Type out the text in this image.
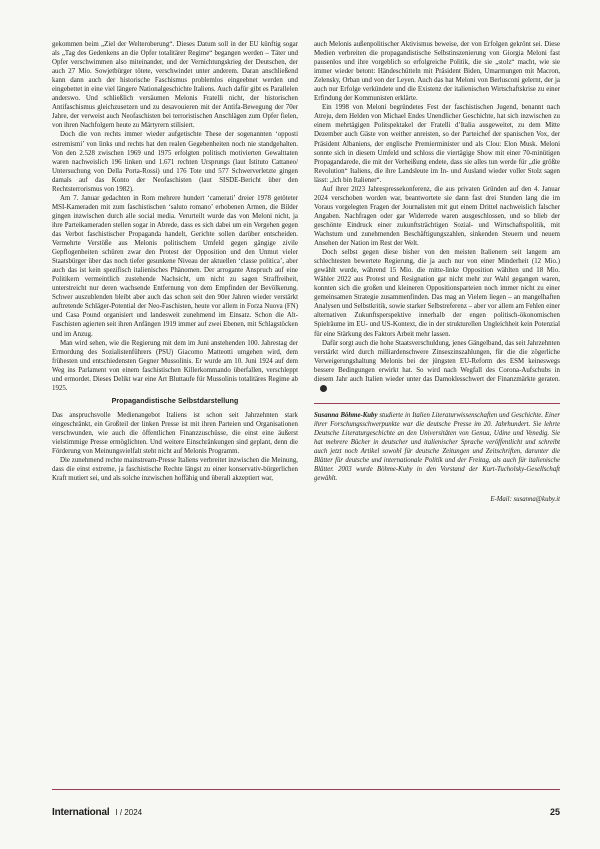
gekommen beim „Ziel der Welteroberung“. Dieses Datum soll in der EU künftig sogar als „Tag des Gedenkens an die Opfer totalitärer Regime“ begangen werden – Täter und Opfer verschwimmen also miteinander, und der Vernichtungskrieg der Deutschen, der auch 27 Mio. Sowjetbürger tötete, verschwindet unter anderem. Daran anschließend kann dann auch der historische Faschismus problemlos eingeebnet werden und eingebettet in eine viel längere Nationalgeschichte Italiens. Auch dafür gibt es Parallelen anderswo. Und schließlich versäumen Melonis Fratelli nicht, der historischen Antifaschismus gleichzusetzen und zu desavouieren mit der Antifa-Bewegung der 70er Jahre, der verweist auch Neofaschisten bei terroristischen Anschlägen zum Opfer fielen, von ihren Nachfolgern heute zu Märtyrern stilisiert.

Doch die von rechts immer wieder aufgetischte These der sogenannten ‘opposti estremismi’ von links und rechts hat den realen Gegebenheiten noch nie standgehalten. Von den 2.528 zwischen 1969 und 1975 erfolgten politisch motivierten Gewalttaten waren nachweislich 196 linken und 1.671 rechten Ursprungs (laut Istituto Cattaneo/ Untersuchung von Della Porta-Rossi) und 176 Tote und 577 Schwerverletzte gingen damals auf das Konto der Neofaschisten (laut SISDE-Bericht über den Rechtsterrorismus von 1982).

Am 7. Januar gedachten in Rom mehrere hundert ‘camerati’ dreier 1978 getöteter MSI-Kameraden mit zum faschistischen ‘saluto romano’ erhobenen Armen, die Bilder gingen inzwischen durch alle social media. Verurteilt wurde das von Meloni nicht, ja ihre Parteikameraden stellen sogar in Abrede, dass es sich dabei um ein Vergehen gegen das Verbot faschistischer Propaganda handelt, Gerichte sollen darüber entscheiden. Vermehrte Verstöße aus Melonis politischem Umfeld gegen gängige zivile Gepflogenheiten schüren zwar den Protest der Opposition und den Unmut vieler Staatsbürger über das noch tiefer gesunkene Niveau der aktuellen ‘classe politica’, aber auch das ist kein spezifisch italienisches Phänomen. Der arrogante Anspruch auf eine Politikern vermeintlich zustehende Nachsicht, um nicht zu sagen Straffreiheit, unterstreicht nur deren wachsende Entfernung von dem Empfinden der Bevölkerung. Schwer auszublenden bleibt aber auch das schon seit den 90er Jahren wieder verstärkt auftretende Schläger-Potential der Neo-Faschisten, heute vor allem in Forza Nuova (FN) und Casa Pound organisiert und landesweit zunehmend im Einsatz. Schon die Alt-Faschisten agierten seit ihren Anfängen 1919 immer auf zwei Ebenen, mit Schlagstöcken und im Anzug.

Man wird sehen, wie die Regierung mit dem im Juni anstehenden 100. Jahrestag der Ermordung des Sozialistenführers (PSU) Giacomo Matteotti umgehen wird, dem frühesten und entschiedensten Gegner Mussolinis. Er wurde am 10. Juni 1924 auf dem Weg ins Parlament von einem faschistischen Killerkommando überfallen, verschleppt und ermordet. Dieses Delikt war eine Art Bluttaufe für Mussolinis totalitäres Regime ab 1925.

Propagandistische Selbstdarstellung

Das anspruchsvolle Medienangebot Italiens ist schon seit Jahrzehnten stark eingeschränkt, ein Großteil der linken Presse ist mit ihren Parteien und Organisationen verschwunden, wie auch die öffentlichen Finanzzuschüsse, die einst eine äußerst vielstimmige Presse ermöglichten. Und weitere Einschränkungen sind geplant, denn die Förderung von Meinungsvielfalt steht nicht auf Melonis Programm.

Die zunehmend rechte mainstream-Presse Italiens verbreitet inzwischen die Meinung, dass die einst extreme, ja faschistische Rechte längst zu einer konservativ-bürgerlichen Kraft mutiert sei, und als solche inzwischen hoffähig und überall akzeptiert war,

auch Melonis außenpolitischer Aktivismus beweise, der von Erfolgen gekrönt sei. Diese Medien verbreiten die propagandistische Selbstinszenierung von Giorgia Meloni fast pausenlos und ihre vorgeblich so erfolgreiche Politik, die sie „stolz“ macht, wie sie immer wieder betont: Händeschütteln mit Präsident Biden, Umarmungen mit Macron, Zelensky, Orban und von der Leyen. Auch das hat Meloni von Berlusconi gelernt, der ja auch nur Erfolge verkündete und die Existenz der italienischen Wirtschaftskrise zu einer Erfindung der Kommunisten erklärte.

Ein 1998 von Meloni begründetes Fest der faschistischen Jugend, benannt nach Atreju, dem Helden von Michael Endes Unendlicher Geschichte, hat sich inzwischen zu einem mehrtägigen Politspektakel der Fratelli d’Italia ausgeweitet, zu dem Mitte Dezember auch Gäste von weither anreisten, so der Parteichef der spanischen Vox, der Präsident Albaniens, der englische Premierminister und als Clou: Elon Musk. Meloni sonnte sich in diesem Umfeld und schloss die viertägige Show mit einer 70-minütigen Propagandarede, die mit der Verheißung endete, dass sie alles tun werde für „die größte Revolution“ Italiens, die ihre Landsleute im In- und Ausland wieder voller Stolz sagen lässt: „ich bin Italiener“.

Auf ihrer 2023 Jahrespressekonferenz, die aus privaten Gründen auf den 4. Januar 2024 verschoben worden war, beantwortete sie dann fast drei Stunden lang die im Voraus vorgelegten Fragen der Journalisten mit gut einem Drittel nachweislich falscher Angaben. Nachfragen oder gar Widerrede waren ausgeschlossen, und so blieb der geschönte Eindruck einer zukunftsträchtigen Sozial- und Wirtschaftspolitik, mit Wachstum und zunehmenden Beschäftigungszahlen, sinkenden Steuern und neuem Ansehen der Nation im Rest der Welt.

Doch selbst gegen diese bisher von den meisten Italienern seit langem am schlechtesten bewertete Regierung, die ja auch nur von einer Minderheit (12 Mio.) gewählt wurde, während 15 Mio. die mitte-linke Opposition wählten und 18 Mio. Wähler 2022 aus Protest und Resignation gar nicht mehr zur Wahl gegangen waren, konnten sich die großen und kleineren Oppositionsparteien noch immer nicht zu einer gemeinsamen Strategie zusammenfinden. Das mag an Vielem liegen – an mangelhaften Analysen und Selbstkritik, sowie starker Selbstreferenz – aber vor allem am Fehlen einer alternativen Zukunftsperspektive innerhalb der engen politisch-ökonomischen Spielräume im EU- und US-Kontext, die in der strukturellen Ungleichheit kein Potenzial für eine Stärkung des Faktors Arbeit mehr lassen.

Dafür sorgt auch die hohe Staatsverschuldung, jenes Gängelband, das seit Jahrzehnten verstärkt wird durch milliardenschwere Zinseszinszahlungen, für die die zögerliche Verweigerungshaltung Melonis bei der jüngsten EU-Reform des ESM keineswegs bessere Bedingungen erwirkt hat. So wird nach Wegfall des Corona-Aufschubs in diesem Jahr auch Italien wieder unter das Damoklesschwert der Finanzmärkte geraten.

Susanna Böhme-Kuby studierte in Italien Literaturwissenschaften und Geschichte. Einer ihrer Forschungsschwerpunkte war die deutsche Presse im 20. Jahrhundert. Sie lehrte Deutsche Literaturgeschichte an den Universitäten von Genua, Udine und Venedig. Sie hat mehrere Bücher in deutscher und italienischer Sprache veröffentlicht und schreibt auch jetzt noch Artikel sowohl für deutsche Zeitungen und Zeitschriften, darunter die Blätter für deutsche und internationale Politik und der Freitag, als auch für italienische Blätter. 2003 wurde Böhme-Kuby in den Vorstand der Kurt-Tucholsky-Gesellschaft gewählt.
E-Mail: susanna@kuby.it
International I / 2024	25
